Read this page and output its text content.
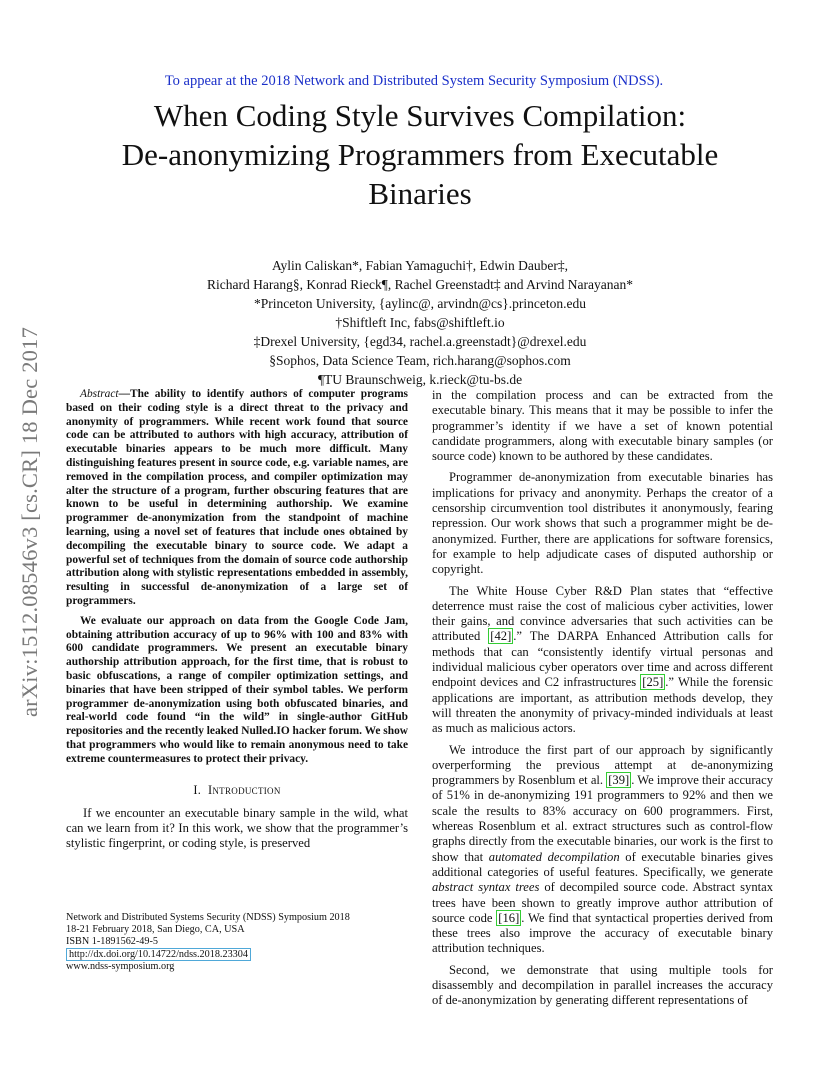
To appear at the 2018 Network and Distributed System Security Symposium (NDSS).
When Coding Style Survives Compilation:
De-anonymizing Programmers from Executable
Binaries
Aylin Caliskan*, Fabian Yamaguchi†, Edwin Dauber‡,
Richard Harang§, Konrad Rieck¶, Rachel Greenstadt‡ and Arvind Narayanan*
*Princeton University, {aylinc@, arvindn@cs}.princeton.edu
†Shiftleft Inc, fabs@shiftleft.io
‡Drexel University, {egd34, rachel.a.greenstadt}@drexel.edu
§Sophos, Data Science Team, rich.harang@sophos.com
¶TU Braunschweig, k.rieck@tu-bs.de
arXiv:1512.08546v3 [cs.CR] 18 Dec 2017	Abstract—The ability to identify authors of computer programs based on their coding style is a direct threat to the privacy and anonymity of programmers. While recent work found that source code can be attributed to authors with high accuracy, attribution of executable binaries appears to be much more difficult. Many distinguishing features present in source code, e.g. variable names, are removed in the compilation process, and compiler optimization may alter the structure of a program, further obscuring features that are known to be useful in determining authorship. We examine programmer de-anonymization from the standpoint of machine learning, using a novel set of features that include ones obtained by decompiling the executable binary to source code. We adapt a powerful set of techniques from the domain of source code authorship attribution along with stylistic representations embedded in assembly, resulting in successful de-anonymization of a large set of programmers.

We evaluate our approach on data from the Google Code Jam, obtaining attribution accuracy of up to 96% with 100 and 83% with 600 candidate programmers. We present an executable binary authorship attribution approach, for the first time, that is robust to basic obfuscations, a range of compiler optimization settings, and binaries that have been stripped of their symbol tables. We perform programmer de-anonymization using both obfuscated binaries, and real-world code found “in the wild” in single-author GitHub repositories and the recently leaked Nulled.IO hacker forum. We show that programmers who would like to remain anonymous need to take extreme countermeasures to protect their privacy.

I. Introduction

If we encounter an executable binary sample in the wild, what can we learn from it? In this work, we show that the programmer’s stylistic fingerprint, or coding style, is preserved

in the compilation process and can be extracted from the executable binary. This means that it may be possible to infer the programmer’s identity if we have a set of known potential candidate programmers, along with executable binary samples (or source code) known to be authored by these candidates.

Programmer de-anonymization from executable binaries has implications for privacy and anonymity. Perhaps the creator of a censorship circumvention tool distributes it anonymously, fearing repression. Our work shows that such a programmer might be de-anonymized. Further, there are applications for software forensics, for example to help adjudicate cases of disputed authorship or copyright.

The White House Cyber R&D Plan states that “effective deterrence must raise the cost of malicious cyber activities, lower their gains, and convince adversaries that such activities can be attributed [42] .” The DARPA Enhanced Attribution calls for methods that can “consistently identify virtual personas and individual malicious cyber operators over time and across different endpoint devices and C2 infrastructures [25] .” While the forensic applications are important, as attribution methods develop, they will threaten the anonymity of privacy-minded individuals at least as much as malicious actors.

We introduce the first part of our approach by significantly overperforming the previous attempt at de-anonymizing programmers by Rosenblum et al. [39] . We improve their accuracy of 51% in de-anonymizing 191 programmers to 92% and then we scale the results to 83% accuracy on 600 programmers. First, whereas Rosenblum et al. extract structures such as control-flow graphs directly from the executable binaries, our work is the first to show that automated decompilation of executable binaries gives additional categories of useful features. Specifically, we generate abstract syntax trees of decompiled source code. Abstract syntax trees have been shown to greatly improve author attribution of source code [16] . We find that syntactical properties derived from these trees also improve the accuracy of executable binary attribution techniques.

Second, we demonstrate that using multiple tools for disassembly and decompilation in parallel increases the accuracy of de-anonymization by generating different representations of

Network and Distributed Systems Security (NDSS) Symposium 2018
18-21 February 2018, San Diego, CA, USA
ISBN 1-1891562-49-5
http://dx.doi.org/10.14722/ndss.2018.23304
www.ndss-symposium.org
